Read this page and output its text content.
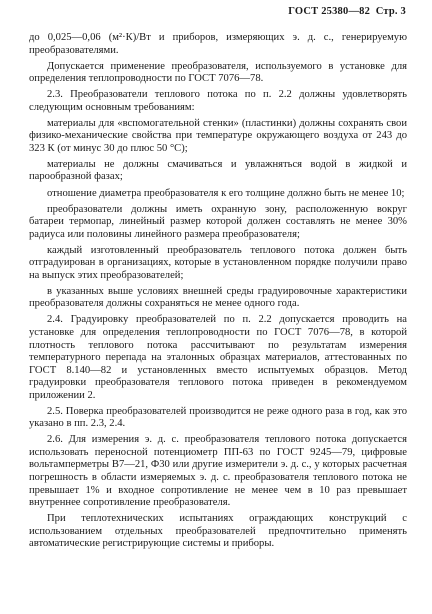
ГОСТ 25380—82 Стр. 3

до 0,025—0,06 (м²·К)/Вт и приборов, измеряющих э. д. с., генерируемую преобразователями.

Допускается применение преобразователя, используемого в установке для определения теплопроводности по ГОСТ 7076—78.

2.3. Преобразователи теплового потока по п. 2.2 должны удовлетворять следующим основным требованиям:

материалы для «вспомогательной стенки» (пластинки) должны сохранять свои физико-механические свойства при температуре окружающего воздуха от 243 до 323 К (от минус 30 до плюс 50 °С);

материалы не должны смачиваться и увлажняться водой в жидкой и парообразной фазах;

отношение диаметра преобразователя к его толщине должно быть не менее 10;

преобразователи должны иметь охранную зону, расположенную вокруг батареи термопар, линейный размер которой должен составлять не менее 30% радиуса или половины линейного размера преобразователя;

каждый изготовленный преобразователь теплового потока должен быть отградуирован в организациях, которые в установленном порядке получили право на выпуск этих преобразователей;

в указанных выше условиях внешней среды градуировочные характеристики преобразователя должны сохраняться не менее одного года.

2.4. Градуировку преобразователей по п. 2.2 допускается проводить на установке для определения теплопроводности по ГОСТ 7076—78, в которой плотность теплового потока рассчитывают по результатам измерения температурного перепада на эталонных образцах материалов, аттестованных по ГОСТ 8.140—82 и установленных вместо испытуемых образцов. Метод градуировки преобразователя теплового потока приведен в рекомендуемом приложении 2.

2.5. Поверка преобразователей производится не реже одного раза в год, как это указано в пп. 2.3, 2.4.

2.6. Для измерения э. д. с. преобразователя теплового потока допускается использовать переносной потенциометр ПП-63 по ГОСТ 9245—79, цифровые вольтамперметры В7—21, Ф30 или другие измерители э. д. с., у которых расчетная погрешность в области измеряемых э. д. с. преобразователя теплового потока не превышает 1% и входное сопротивление не менее чем в 10 раз превышает внутреннее сопротивление преобразователя.

При теплотехнических испытаниях ограждающих конструкций с использованием отдельных преобразователей предпочтительно применять автоматические регистрирующие системы и приборы.
